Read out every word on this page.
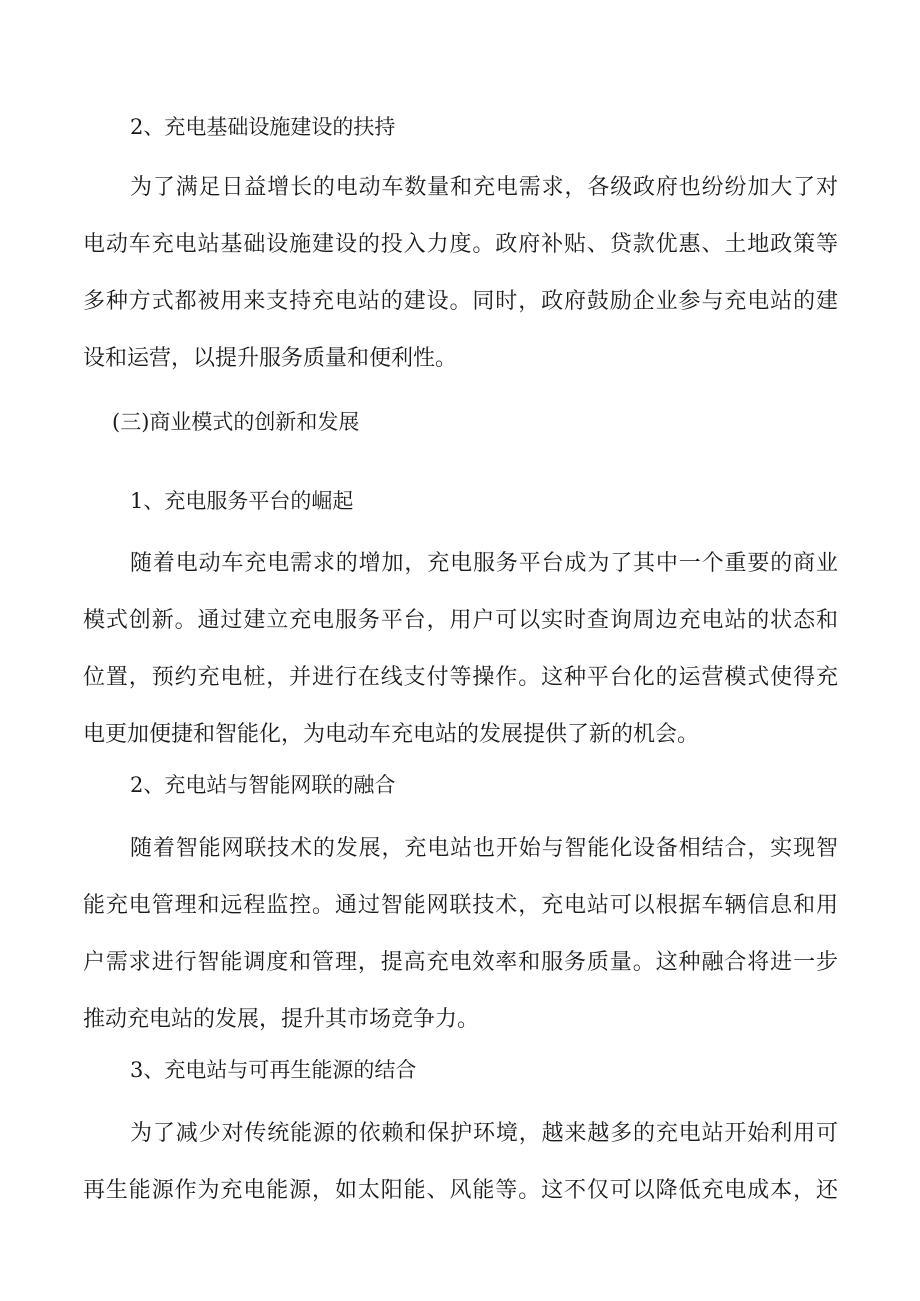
2、充电基础设施建设的扶持
为了满足日益增长的电动车数量和充电需求，各级政府也纷纷加大了对
电动车充电站基础设施建设的投入力度。政府补贴、贷款优惠、土地政策等
多种方式都被用来支持充电站的建设。同时，政府鼓励企业参与充电站的建
设和运营，以提升服务质量和便利性。
(三)商业模式的创新和发展
1、充电服务平台的崛起
随着电动车充电需求的增加，充电服务平台成为了其中一个重要的商业
模式创新。通过建立充电服务平台，用户可以实时查询周边充电站的状态和
位置，预约充电桩，并进行在线支付等操作。这种平台化的运营模式使得充
电更加便捷和智能化，为电动车充电站的发展提供了新的机会。
2、充电站与智能网联的融合
随着智能网联技术的发展，充电站也开始与智能化设备相结合，实现智
能充电管理和远程监控。通过智能网联技术，充电站可以根据车辆信息和用
户需求进行智能调度和管理，提高充电效率和服务质量。这种融合将进一步
推动充电站的发展，提升其市场竞争力。
3、充电站与可再生能源的结合
为了减少对传统能源的依赖和保护环境，越来越多的充电站开始利用可
再生能源作为充电能源，如太阳能、风能等。这不仅可以降低充电成本，还
